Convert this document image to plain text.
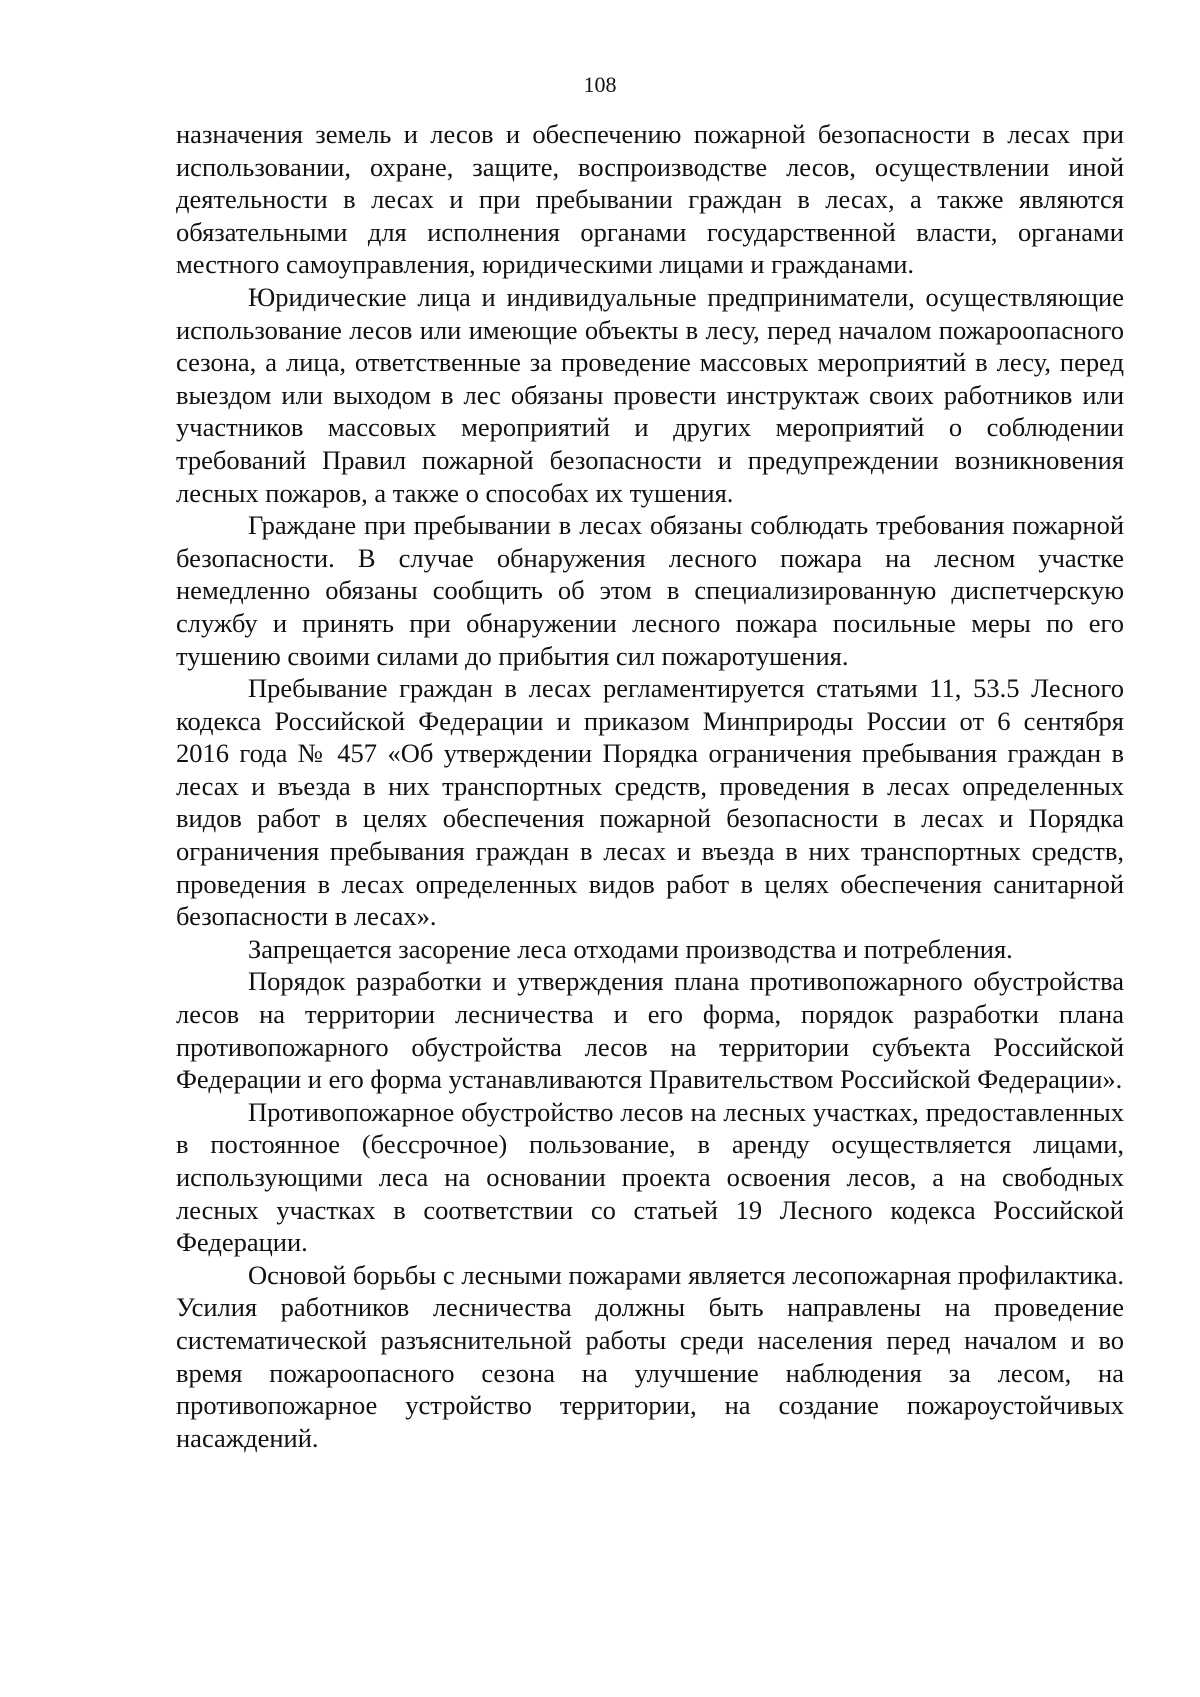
108

назначения земель и лесов и обеспечению пожарной безопасности в лесах при использовании, охране, защите, воспроизводстве лесов, осуществлении иной деятельности в лесах и при пребывании граждан в лесах, а также являются обязательными для исполнения органами государственной власти, органами местного самоуправления, юридическими лицами и гражданами.

Юридические лица и индивидуальные предприниматели, осуществляющие использование лесов или имеющие объекты в лесу, перед началом пожароопасного сезона, а лица, ответственные за проведение массовых мероприятий в лесу, перед выездом или выходом в лес обязаны провести инструктаж своих работников или участников массовых мероприятий и других мероприятий о соблюдении требований Правил пожарной безопасности и предупреждении возникновения лесных пожаров, а также о способах их тушения.

Граждане при пребывании в лесах обязаны соблюдать требования пожарной безопасности. В случае обнаружения лесного пожара на лесном участке немедленно обязаны сообщить об этом в специализированную диспетчерскую службу и принять при обнаружении лесного пожара посильные меры по его тушению своими силами до прибытия сил пожаротушения.

Пребывание граждан в лесах регламентируется статьями 11, 53.5 Лесного кодекса Российской Федерации и приказом Минприроды России от 6 сентября 2016 года № 457 «Об утверждении Порядка ограничения пребывания граждан в лесах и въезда в них транспортных средств, проведения в лесах определенных видов работ в целях обеспечения пожарной безопасности в лесах и Порядка ограничения пребывания граждан в лесах и въезда в них транспортных средств, проведения в лесах определенных видов работ в целях обеспечения санитарной безопасности в лесах».

Запрещается засорение леса отходами производства и потребления.

Порядок разработки и утверждения плана противопожарного обустройства лесов на территории лесничества и его форма, порядок разработки плана противопожарного обустройства лесов на территории субъекта Российской Федерации и его форма устанавливаются Правительством Российской Федерации».

Противопожарное обустройство лесов на лесных участках, предоставленных в постоянное (бессрочное) пользование, в аренду осуществляется лицами, использующими леса на основании проекта освоения лесов, а на свободных лесных участках в соответствии со статьей 19 Лесного кодекса Российской Федерации.

Основой борьбы с лесными пожарами является лесопожарная профилактика. Усилия работников лесничества должны быть направлены на проведение систематической разъяснительной работы среди населения перед началом и во время пожароопасного сезона на улучшение наблюдения за лесом, на противопожарное устройство территории, на создание пожароустойчивых насаждений.
